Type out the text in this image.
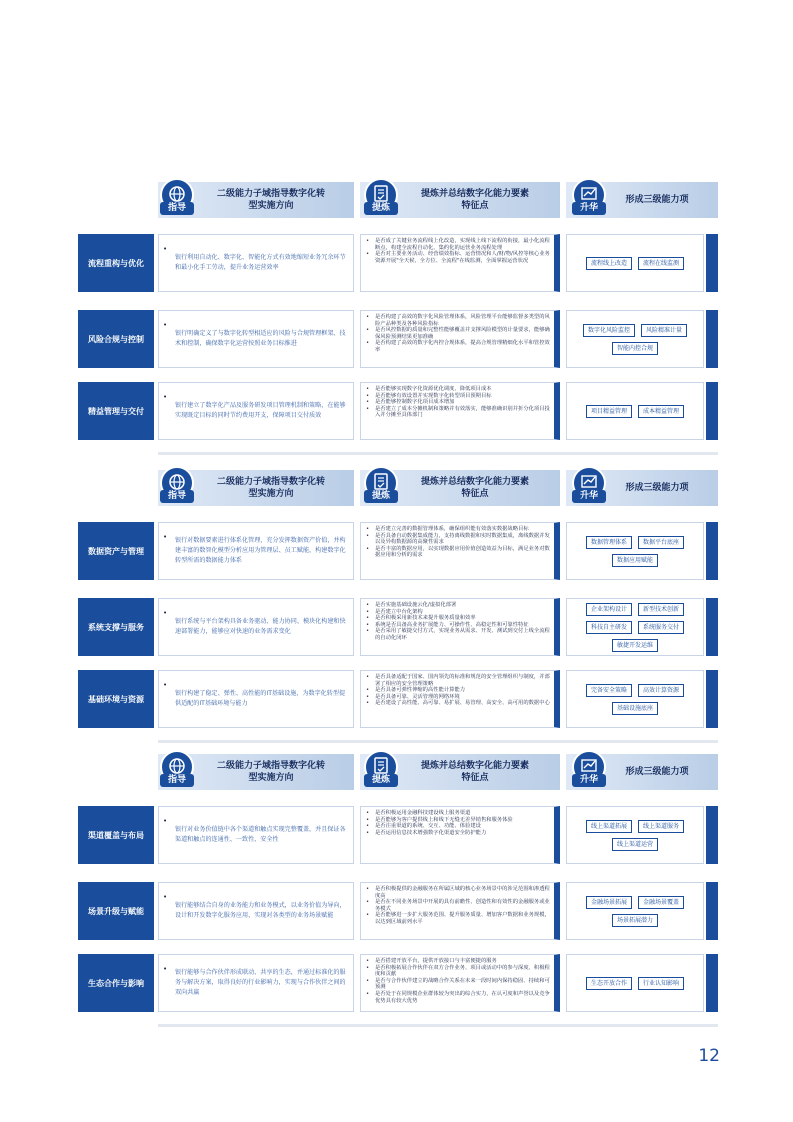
二级能力子域指导数字化转型实施方向
指导
提炼并总结数字化能力要素特征点
提炼
形成三级能力项
升华
流程重构与优化
•
银行利用自动化、数字化、智能化方式有效地缩短业务冗余环节和最小化手工劳动，提升业务运营效率
• 是否成了关键业务流程线上化改造，实现线上线下流程的衔接，最小化流程断点，构建全流程自动化、集约化的运营业务流程处理
• 是否对主要业务活动、经营绩效指标、运营情况和人/财/物/风控等核心业务资源开展"全天候、全方位、全流程"在线监测，全面掌握运营状况	流程线上改造	流程在线监测
风险合规与控制
•
银行明确定义了与数字化转型相适应的风险与合规管理框架、技术和控制，确保数字化运营按照业务目标推进
• 是否构建了高效的数字化风险管理体系，风险管理平台能够监督多类型的风险产品种类及各种风险指标
• 是否风控数据的质量和完整性能够覆盖并支撑风险模型的计量要求，能够确保风险预测结果更加准确
• 是否构建了高效的数字化内控合规体系，提高合规管理精细化水平和管控效率
数字化风险监控	风险精准计量
智能内控合规
精益管理与交付
•
银行建立了数字化产品及服务研发项目管理机制和策略，在能够实现既定目标的同时节约费用开支，保障项目交付质效
• 是否能够实现数字化资源优化调度、降低项目成本
• 是否能够有效设置并实现数字化转型项目预期目标
• 是否能够控制数字化项目成本增加
• 是否建立了成本分摊机制和策略并有效落实，能够准确识别并折分化项目投入并分摊至具体部门
项目精益管理	成本精益管理
二级能力子域指导数字化转型实施方向
指导
提炼并总结数字化能力要素特征点
提炼
形成三级能力项
升华
数据资产与管理
• 银行对数据要素进行体系化管理，充分发挥数据资产价值，并构建丰富的数智化模型分析应用为管理层、员工赋能，构建数字化转型所需的数据能力体系
• 是否建立完善的数据管理体系，确保组织能有效落实数据战略目标
• 是否具备自动数据集成能力，支持离线数据和实时数据集成，离线数据并发以及异构数据源的高聚性需求
• 是否丰富的数据应用，以实现数据应用价值创造效益为目标，满足业务对数据应用和分析的需求
数据管理体系	数据平台底座
数据应用赋能
系统支撑与服务
•
银行系统与平台架构具备业务驱动、能力协同、模块化构建和快速部署能力，能够应对快速的业务需求变化
• 是否实施基础设施云化/虚拟化部署
• 是否建立中台化架构
• 是否积极采用新技术来提升服务质量和效率
• 系统是否具备高业务扩展能力、可操作性、高稳定性和可靠性特征
• 是否采用了敏捷交付方式，实现业务从需求、开发、测试到交付上线全流程的自动化闭环
企业架构设计	新型技术创新
科技自主研发	系统服务交付
敏捷开发运维
基础环境与资源
•
银行构建了稳定、弹性、高性能的IT基础设施，为数字化转型提供适配的IT基础环境与能力
• 是否具备适配于国家、国内领先的标准和规范的安全管理组织与制度，并部署了相应的安全管理策略
• 是否具备可弹性伸缩的高性能计算能力
• 是否具备可靠、灵活管理的网络环境
• 是否建设了高性能、高可靠、易扩展、易管理、高安全、高可用的数据中心
完备安全策略	高效计算资源
基础设施底座
二级能力子域指导数字化转型实施方向
指导
提炼并总结数字化能力要素特征点
提炼
形成三级能力项
升华
渠道覆盖与布局
•
银行对业务价值链中各个渠道和触点实现完整覆盖，并且保证各渠道和触点的连通性、一致性、安全性
• 是否积极运用金融科技建设线上服务渠道
• 是否能够为客户提供线上和线下无缝无差异销售和服务体验
• 是否注重渠道的系统、交互、功能、体验建设
• 是否运用信息技术增强数字化渠道安全防护能力
线上渠道拓展	线上渠道服务
线上渠道运营
场景升级与赋能
•
银行能够结合自身的业务能力和业务模式，以业务价值为导向，设计和开发数字化服务应用，实现对各类型的业务场景赋能
• 是否积极提供的金融服务在所属区域的核心业务场景中的涉足范围和渗透程度高
• 是否在不同业务场景中开展的具有前瞻性、创造性和有效性的金融服务或业务模式
• 是否能够进一步扩大服务范围、提升服务质量、增加客户数据和业务规模，以达到区域前列水平
金融场景拓展	金融场景覆盖
场景拓展潜力
生态合作与影响
• 银行能够与合作伙伴形成联动、共享的生态，并通过标准化的服务与解决方案，取得良好的行业影响力，实现与合作伙伴之间的双向共赢
• 是否搭建开放平台，提供开放接口与丰富便捷的服务
• 是否积极拓展合作伙伴在双方合作业务、项目或活动中的参与深度、积极程度和贡献
• 是否与合作伙伴建立的战略合作关系在未来一段时间内保持稳固、持续和可预测
• 是否处于在同规模企业群体较为突出的综合实力，在认可度和声誉以及竞争优势具有较大优势
生态开放合作	行业认知影响
12
